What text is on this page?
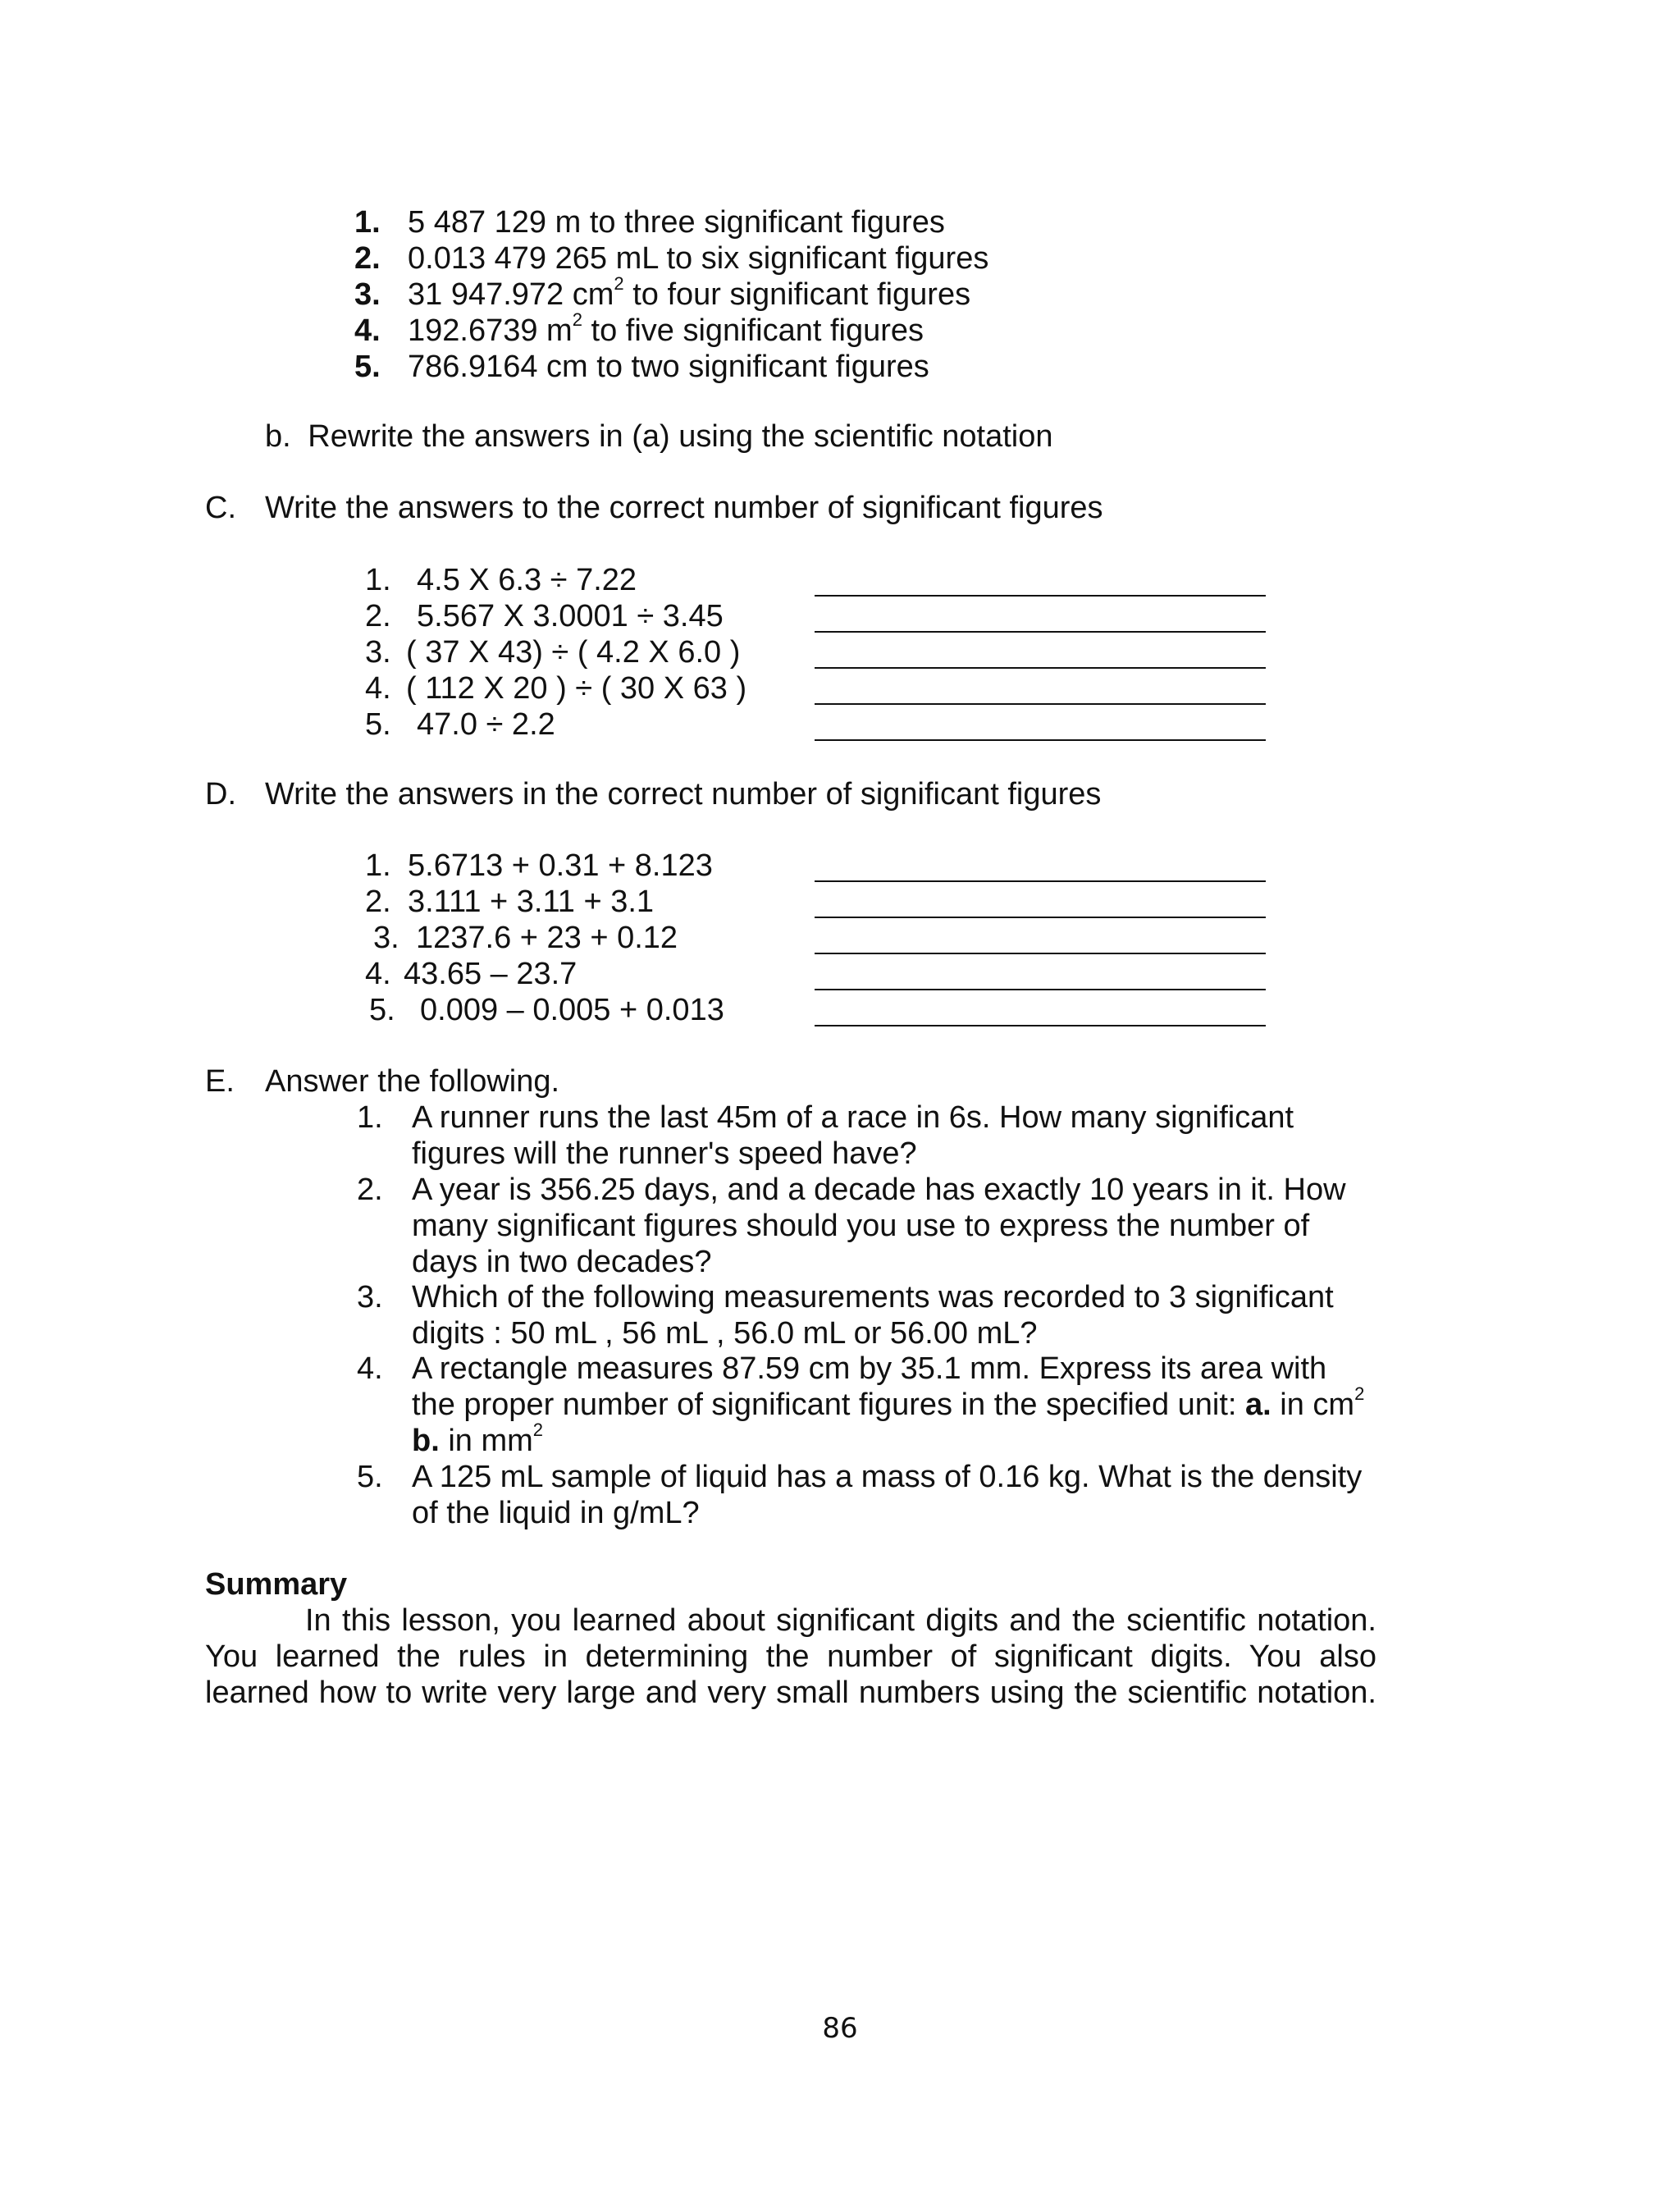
1. 5 487 129 m to three significant figures
2. 0.013 479 265 mL to six significant figures
3. 31 947.972 $cm^2$ to four significant figures
4. 192.6739 $m^2$ to five significant figures
5. 786.9164 cm to two significant figures
b. Rewrite the answers in (a) using the scientific notation
C. Write the answers to the correct number of significant figures
1. 4.5 X 6.3 ÷ 7.22
2. 5.567 X 3.0001 ÷ 3.45
3. ( 37 X 43) ÷ ( 4.2 X 6.0 )
4. ( 112 X 20 ) ÷ ( 30 X 63 )
5. 47.0 ÷ 2.2
D. Write the answers in the correct number of significant figures
1. 5.6713 + 0.31 + 8.123
2. 3.111 + 3.11 + 3.1
3. 1237.6 + 23 + 0.12
4. 43.65 – 23.7
5. 0.009 – 0.005 + 0.013
E. Answer the following.
1. A runner runs the last 45m of a race in 6s. How many significant
figures will the runner's speed have?
2. A year is 356.25 days, and a decade has exactly 10 years in it. How
many significant figures should you use to express the number of
days in two decades?
3. Which of the following measurements was recorded to 3 significant
digits : 50 mL , 56 mL , 56.0 mL or 56.00 mL?
4. A rectangle measures 87.59 cm by 35.1 mm. Express its area with
the proper number of significant figures in the specified unit: a. in $cm^2$
b. in $mm^2$
5. A 125 mL sample of liquid has a mass of 0.16 kg. What is the density
of the liquid in g/mL?
Summary
In this lesson, you learned about significant digits and the scientific notation.
You learned the rules in determining the number of significant digits. You also
learned how to write very large and very small numbers using the scientific notation.
86
